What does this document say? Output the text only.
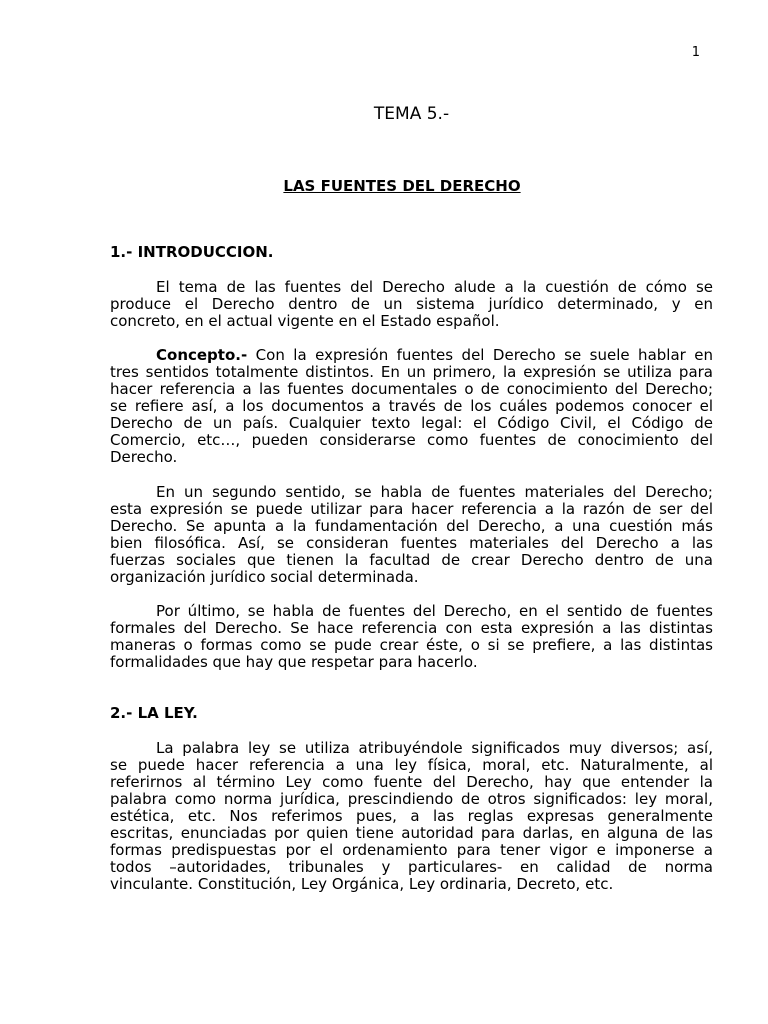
1
TEMA 5.-
LAS FUENTES DEL DERECHO
1.- INTRODUCCION.
El tema de las fuentes del Derecho alude a la cuestión de cómo se
produce el Derecho dentro de un sistema jurídico determinado, y en
concreto, en el actual vigente en el Estado español.
Concepto.- Con la expresión fuentes del Derecho se suele hablar en
tres sentidos totalmente distintos. En un primero, la expresión se utiliza para
hacer referencia a las fuentes documentales o de conocimiento del Derecho;
se refiere así, a los documentos a través de los cuáles podemos conocer el
Derecho de un país. Cualquier texto legal: el Código Civil, el Código de
Comercio, etc…, pueden considerarse como fuentes de conocimiento del
Derecho.
En un segundo sentido, se habla de fuentes materiales del Derecho;
esta expresión se puede utilizar para hacer referencia a la razón de ser del
Derecho. Se apunta a la fundamentación del Derecho, a una cuestión más
bien filosófica. Así, se consideran fuentes materiales del Derecho a las
fuerzas sociales que tienen la facultad de crear Derecho dentro de una
organización jurídico social determinada.
Por último, se habla de fuentes del Derecho, en el sentido de fuentes
formales del Derecho. Se hace referencia con esta expresión a las distintas
maneras o formas como se pude crear éste, o si se prefiere, a las distintas
formalidades que hay que respetar para hacerlo.
2.- LA LEY.
La palabra ley se utiliza atribuyéndole significados muy diversos; así,
se puede hacer referencia a una ley física, moral, etc. Naturalmente, al
referirnos al término Ley como fuente del Derecho, hay que entender la
palabra como norma jurídica, prescindiendo de otros significados: ley moral,
estética, etc. Nos referimos pues, a las reglas expresas generalmente
escritas, enunciadas por quien tiene autoridad para darlas, en alguna de las
formas predispuestas por el ordenamiento para tener vigor e imponerse a
todos –autoridades, tribunales y particulares- en calidad de norma
vinculante. Constitución, Ley Orgánica, Ley ordinaria, Decreto, etc.
